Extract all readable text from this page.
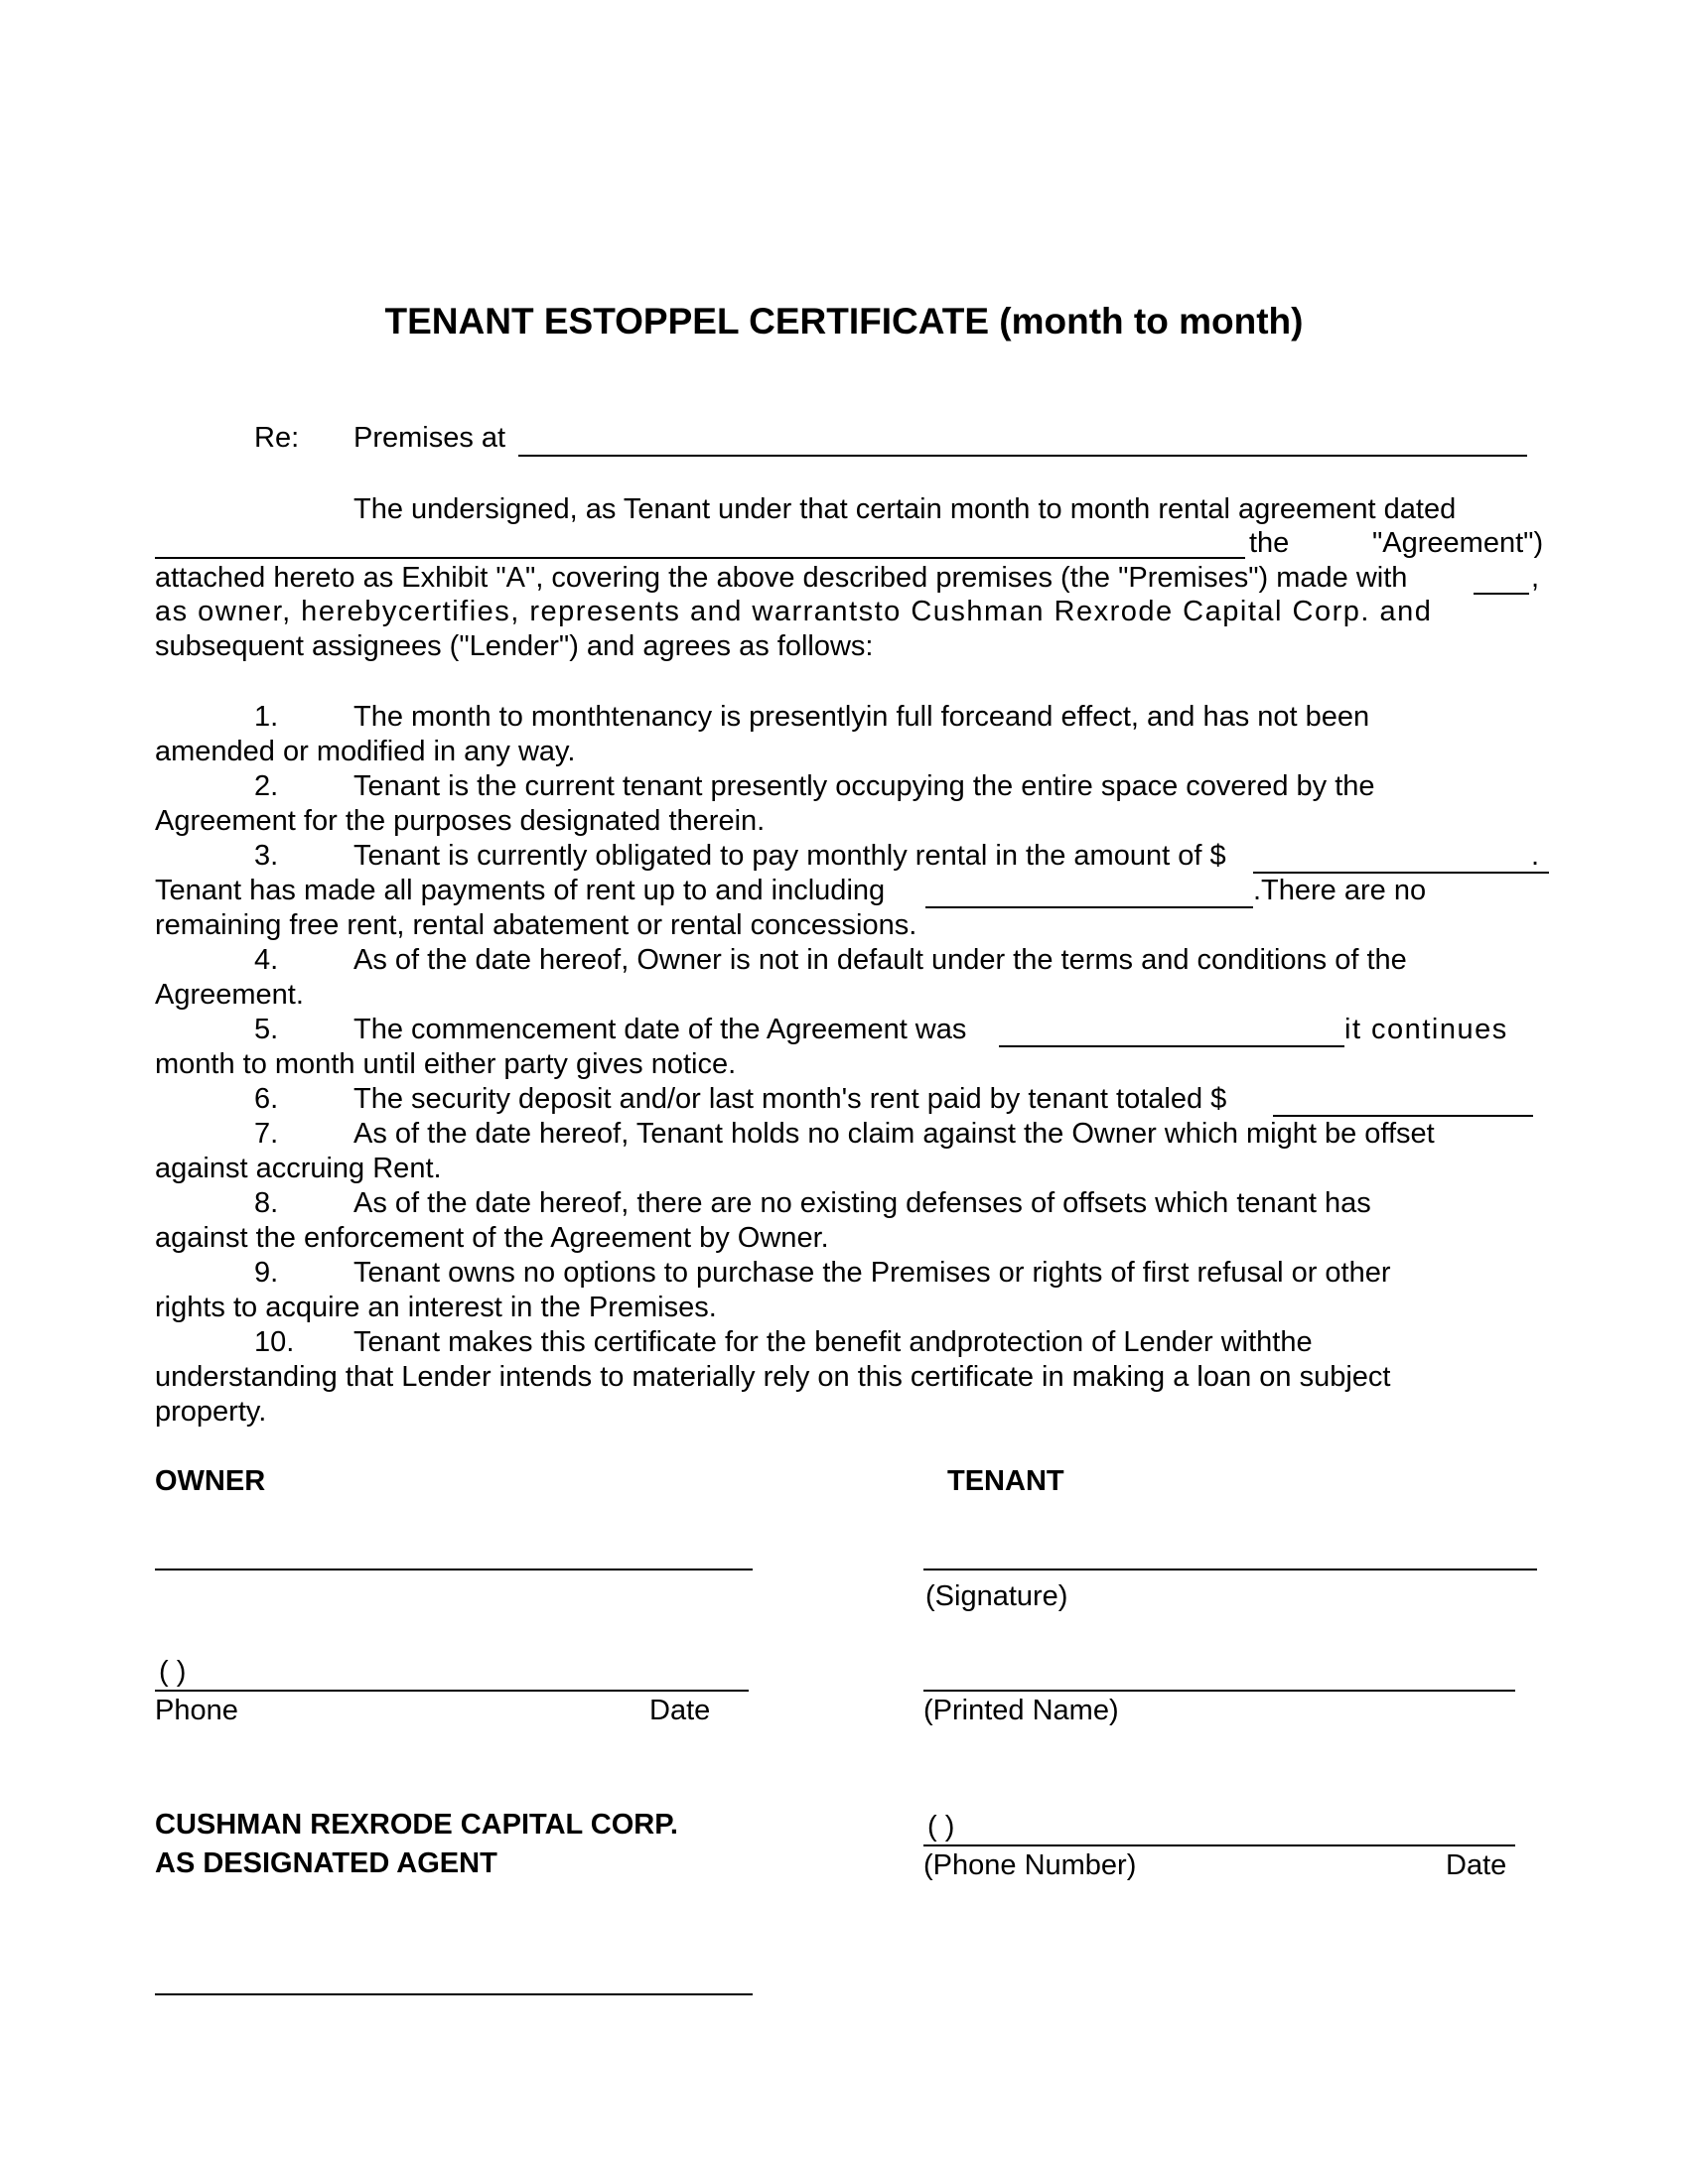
TENANT ESTOPPEL CERTIFICATE (month to month)
Re: Premises at
The undersigned, as Tenant under that certain month to month rental agreement dated
the	"Agreement")
attached hereto as Exhibit "A", covering the above described premises (the "Premises") made with	,
as owner, herebycertifies, represents and warrantsto Cushman Rexrode Capital Corp. and
subsequent assignees ("Lender") and agrees as follows:
1.	The month to monthtenancy is presentlyin full forceand effect, and has not been
amended or modified in any way.
2.	Tenant is the current tenant presently occupying the entire space covered by the
Agreement for the purposes designated therein.
3.	Tenant is currently obligated to pay monthly rental in the amount of $	.
Tenant has made all payments of rent up to and including	.There are no
remaining free rent, rental abatement or rental concessions.
4.	As of the date hereof, Owner is not in default under the terms and conditions of the
Agreement.
5.	The commencement date of the Agreement was	it continues
month to month until either party gives notice.
6.	The security deposit and/or last month's rent paid by tenant totaled $
7.	As of the date hereof, Tenant holds no claim against the Owner which might be offset
against accruing Rent.
8.	As of the date hereof, there are no existing defenses of offsets which tenant has
against the enforcement of the Agreement by Owner.
9.	Tenant owns no options to purchase the Premises or rights of first refusal or other
rights to acquire an interest in the Premises.
10. Tenant makes this certificate for the benefit andprotection of Lender withthe
understanding that Lender intends to materially rely on this certificate in making a loan on subject
property.
OWNER	TENANT
(Signature)
( )
Phone	Date	(Printed Name)
CUSHMAN REXRODE CAPITAL CORP.
AS DESIGNATED AGENT
( )
(Phone Number)	Date
